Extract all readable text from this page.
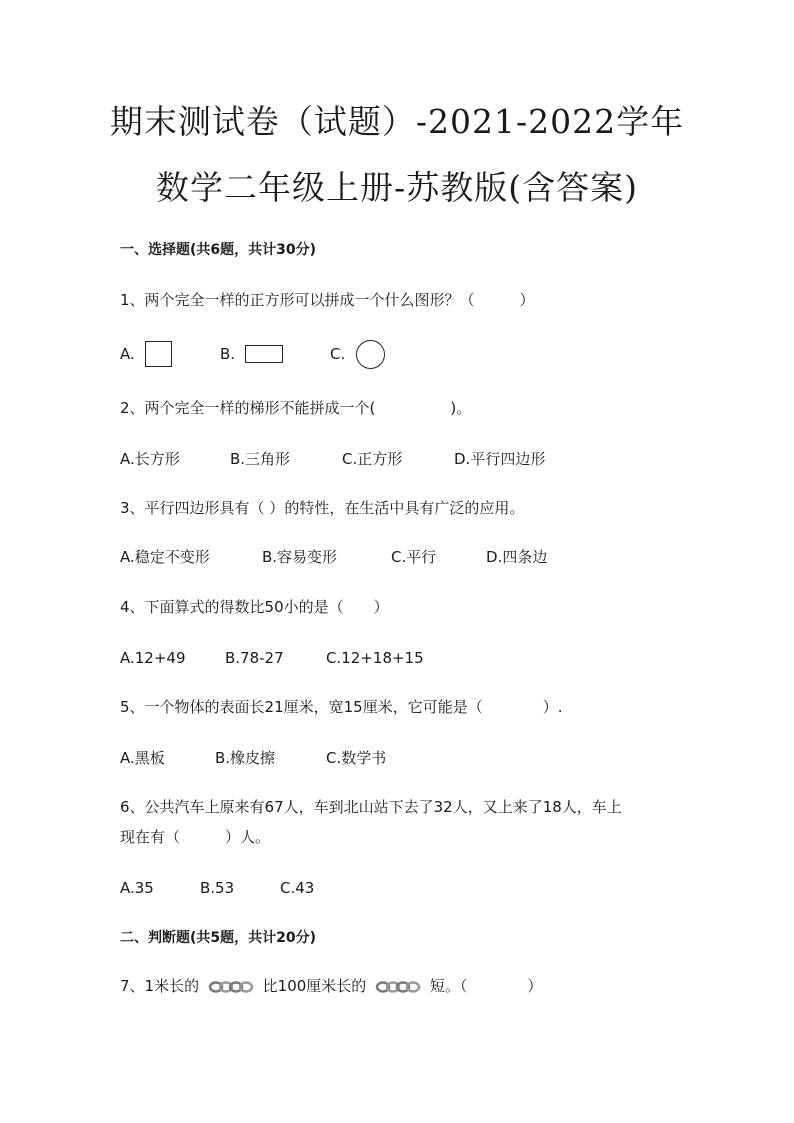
期末测试卷（试题）-2021-2022学年
数学二年级上册-苏教版(含答案)
一、选择题(共6题，共计30分)
1、两个完全一样的正方形可以拼成一个什么图形？（　　　）
A.	B.	C.
2、两个完全一样的梯形不能拼成一个(　　　　　)。
A.长方形	B.三角形	C.正方形	D.平行四边形
3、平行四边形具有（ ）的特性，在生活中具有广泛的应用。
A.稳定不变形	B.容易变形	C.平行	D.四条边
4、下面算式的得数比50小的是（　　）
A.12+49	B.78-27	C.12+18+15
5、一个物体的表面长21厘米，宽15厘米，它可能是（　　　　）.
A.黑板	B.橡皮擦	C.数学书
6、公共汽车上原来有67人，车到北山站下去了32人，又上来了18人，车上
现在有（　　　）人。
A.35	B.53	C.43
二、判断题(共5题，共计20分)
7、1米长的	比100厘米长的	短。（　　　　）
